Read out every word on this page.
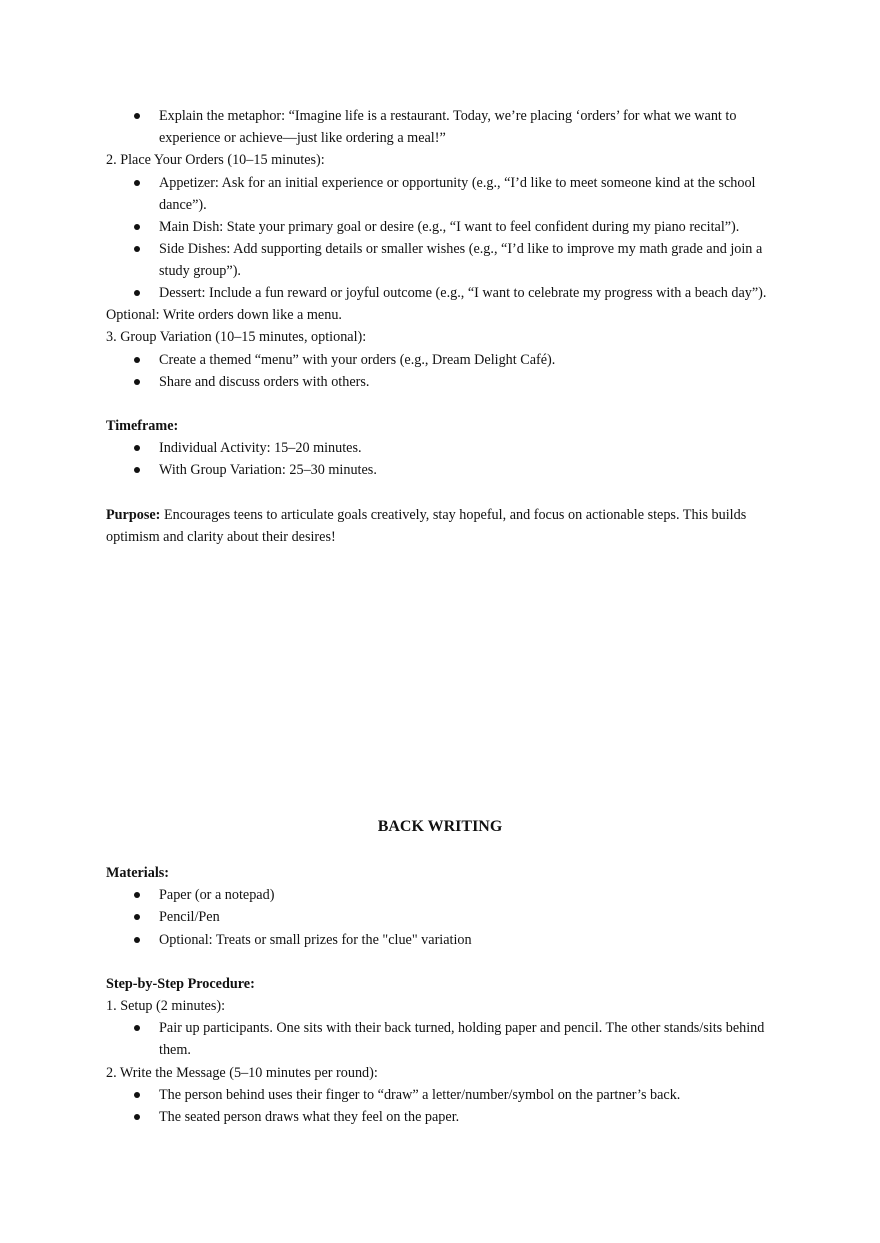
Explain the metaphor: “Imagine life is a restaurant. Today, we’re placing ‘orders’ for what we want to
experience or achieve—just like ordering a meal!”
2. Place Your Orders (10–15 minutes):
Appetizer: Ask for an initial experience or opportunity (e.g., “I’d like to meet someone kind at the school
dance”).
Main Dish: State your primary goal or desire (e.g., “I want to feel confident during my piano recital”).
Side Dishes: Add supporting details or smaller wishes (e.g., “I’d like to improve my math grade and join a
study group”).
Dessert: Include a fun reward or joyful outcome (e.g., “I want to celebrate my progress with a beach day”).
Optional: Write orders down like a menu.
3. Group Variation (10–15 minutes, optional):
Create a themed “menu” with your orders (e.g., Dream Delight Café).
Share and discuss orders with others.
Timeframe:
Individual Activity: 15–20 minutes.
With Group Variation: 25–30 minutes.
Purpose: Encourages teens to articulate goals creatively, stay hopeful, and focus on actionable steps. This builds
optimism and clarity about their desires!
BACK WRITING
Materials:
Paper (or a notepad)
Pencil/Pen
Optional: Treats or small prizes for the "clue" variation
Step-by-Step Procedure:
1. Setup (2 minutes):
Pair up participants. One sits with their back turned, holding paper and pencil. The other stands/sits behind
them.
2. Write the Message (5–10 minutes per round):
The person behind uses their finger to “draw” a letter/number/symbol on the partner’s back.
The seated person draws what they feel on the paper.
